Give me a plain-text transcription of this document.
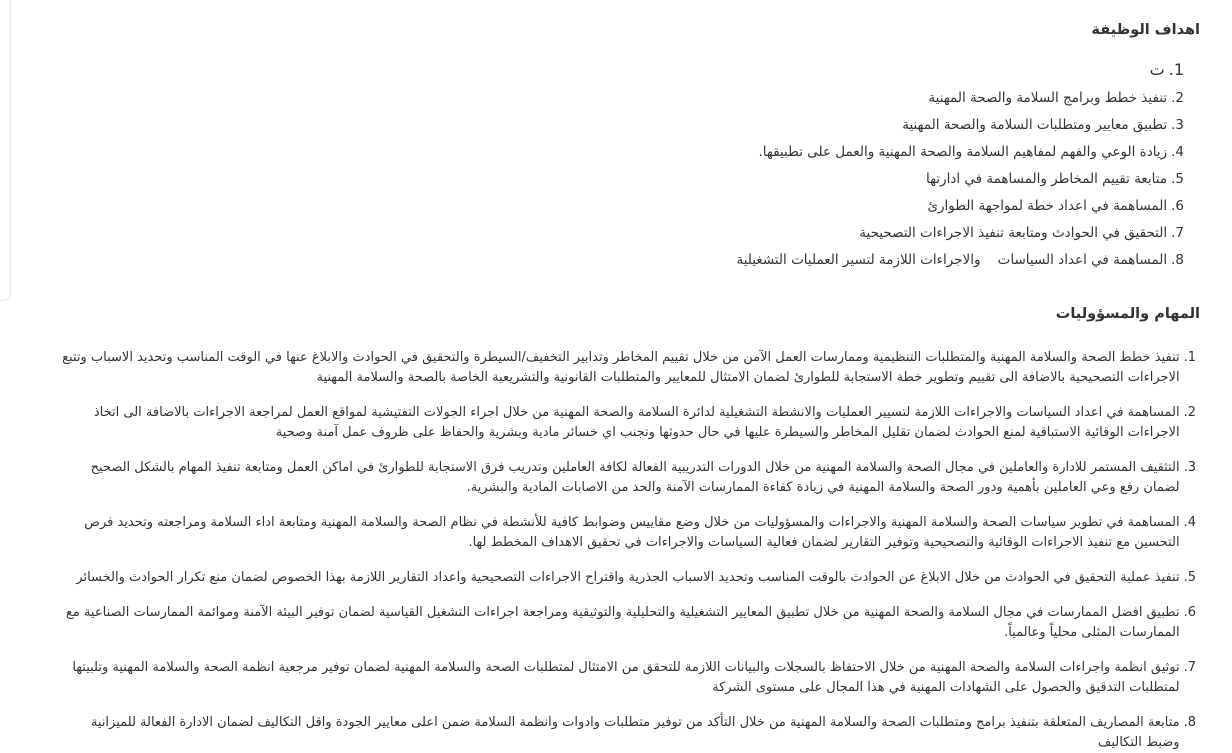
اهداف الوظيفة
1.
ت
2.
تنفيذ خطط وبرامج السلامة والصحة المهنية
3.
تطبيق معايير ومتطلبات السلامة والصحة المهنية
4.
زيادة الوعي والفهم لمفاهيم السلامة والصحة المهنية والعمل على تطبيقها.
5.
متابعة تقييم المخاطر والمساهمة في ادارتها
6.
المساهمة في اعداد خطة لمواجهة الطوارئ
7.
التحقيق في الحوادث ومتابعة تنفيذ الاجراءات التصحيحية
8.
المساهمة في اعداد السياسات    والاجراءات اللازمة لتسير العمليات التشغيلية
المهام والمسؤوليات
1.
تنفيذ خطط الصحة والسلامة المهنية والمتطلبات التنظيمية وممارسات العمل الآمن من خلال تقييم المخاطر وتدابير التخفيف/السيطرة والتحقيق في الحوادث والابلاغ عنها في الوقت المناسب وتحديد الاسباب وتتبع الاجراءات التصحيحية بالاضافة الى تقييم وتطوير خطة الاستجابة للطوارئ لضمان الامتثال للمعايير والمتطلبات القانونية والتشريعية الخاصة بالصحة والسلامة المهنية
2.
المساهمة في اعداد السياسات والاجراءات اللازمة لتسيير العمليات والانشطة التشغيلية لدائرة السلامة والصحة المهنية من خلال اجراء الجولات التفتيشية لمواقع العمل لمراجعة الاجراءات بالاضافة الى اتخاذ الاجراءات الوقائية الاستباقية لمنع الحوادث لضمان تقليل المخاطر والسيطرة عليها في حال حدوثها وتجنب اي خسائر مادية وبشرية والحفاظ على ظروف عمل آمنة وصحية
3.
التثقيف المستمر للادارة والعاملين في مجال الصحة والسلامة المهنية من خلال الدورات التدريبية الفعالة لكافة العاملين وتدريب فرق الاستجابة للطوارئ في اماكن العمل ومتابعة تنفيذ المهام بالشكل الصحيح لضمان رفع وعي العاملين بأهمية ودور الصحة والسلامة المهنية في زيادة كفاءة الممارسات الآمنة والحد من الاصابات المادية والبشرية.
4.
المساهمة في تطوير سياسات الصحة والسلامة المهنية والاجراءات والمسؤوليات من خلال وضع مقاييس وضوابط كافية للأنشطة في نظام الصحة والسلامة المهنية ومتابعة اداء السلامة ومراجعته وتحديد فرص التحسين مع تنفيذ الاجراءات الوقائية والتصحيحية وتوفير التقارير لضمان فعالية السياسات والاجراءات في تحقيق الاهداف المخطط لها.
5.
تنفيذ عملية التحقيق في الحوادث من خلال الابلاغ عن الحوادث بالوقت المناسب وتحديد الاسباب الجذرية واقتراح الاجراءات التصحيحية واعداد التقارير اللازمة بهذا الخصوص لضمان منع تكرار الحوادث والخسائر
6.
تطبيق افضل الممارسات في مجال السلامة والصحة المهنية من خلال تطبيق المعايير التشغيلية والتحليلية والتوثيقية ومراجعة اجراءات التشغيل القياسية لضمان توفير البيئة الآمنة وموائمة الممارسات الصناعية مع الممارسات المثلى محلياً وعالمياً.
7.
توثيق انظمة واجراءات السلامة والصحة المهنية من خلال الاحتفاظ بالسجلات والبيانات اللازمة للتحقق من الامتثال لمتطلبات الصحة والسلامة المهنية لضمان توفير مرجعية انظمة الصحة والسلامة المهنية وتلبيتها لمتطلبات التدقيق والحصول على الشهادات المهنية في هذا المجال على مستوى الشركة
8.
متابعة المصاريف المتعلقة بتنفيذ برامج ومتطلبات الصحة والسلامة المهنية من خلال التأكد من توفير متطلبات وادوات وانظمة السلامة ضمن اعلى معايير الجودة واقل التكاليف لضمان الادارة الفعالة للميزانية وضبط التكاليف
